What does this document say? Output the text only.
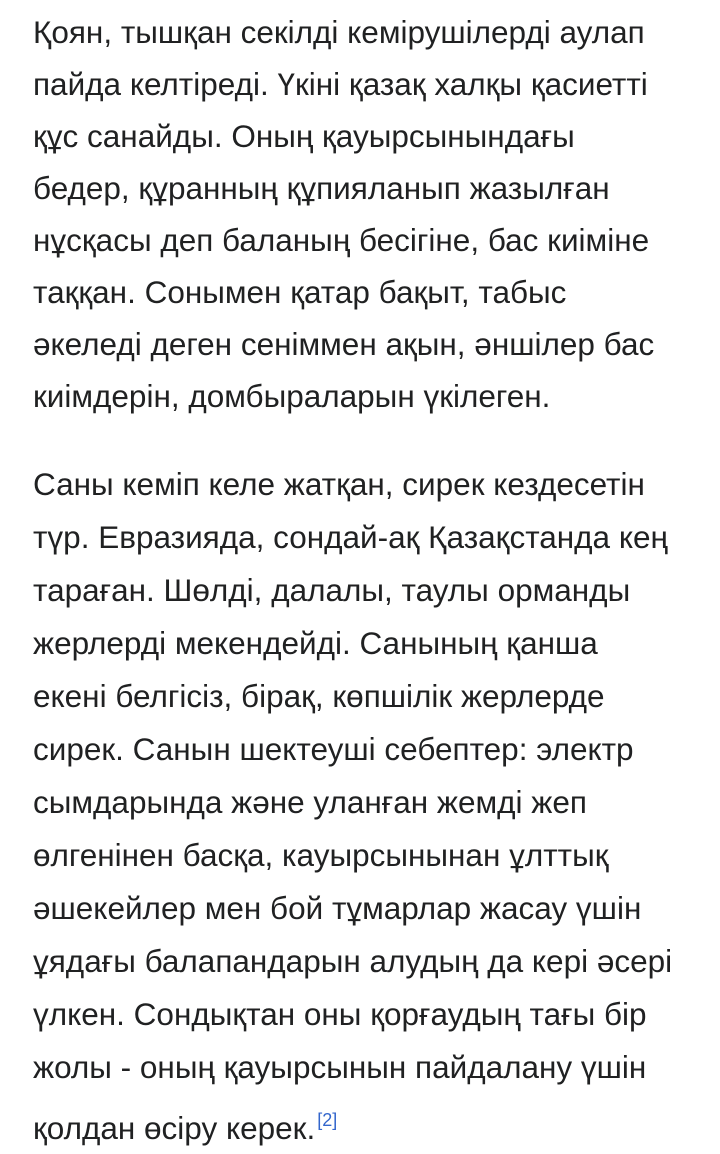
Қоян, тышқан секілді кемірушілерді аулап
пайда келтіреді. Үкіні қазақ халқы қасиетті
құс санайды. Оның қауырсынындағы
бедер, құранның құпияланып жазылған
нұсқасы деп баланың бесігіне, бас киіміне
таққан. Сонымен қатар бақыт, табыс
әкеледі деген сеніммен ақын, әншілер бас
киімдерін, домбыраларын үкілеген.
Саны кеміп келе жатқан, сирек кездесетін
түр. Евразияда, сондай-ақ Қазақстанда кең
тараған. Шөлді, далалы, таулы орманды
жерлерді мекендейді. Санының қанша
екені белгісіз, бірақ, көпшілік жерлерде
сирек. Санын шектеуші себептер: электр
сымдарында және уланған жемді жеп
өлгенінен басқа, кауырсынынан ұлттық
әшекейлер мен бой тұмарлар жасау үшін
ұядағы балапандарын алудың да кері әсері
үлкен. Сондықтан оны қорғаудың тағы бір
жолы - оның қауырсынын пайдалану үшін
қолдан өсіру керек. [2]
